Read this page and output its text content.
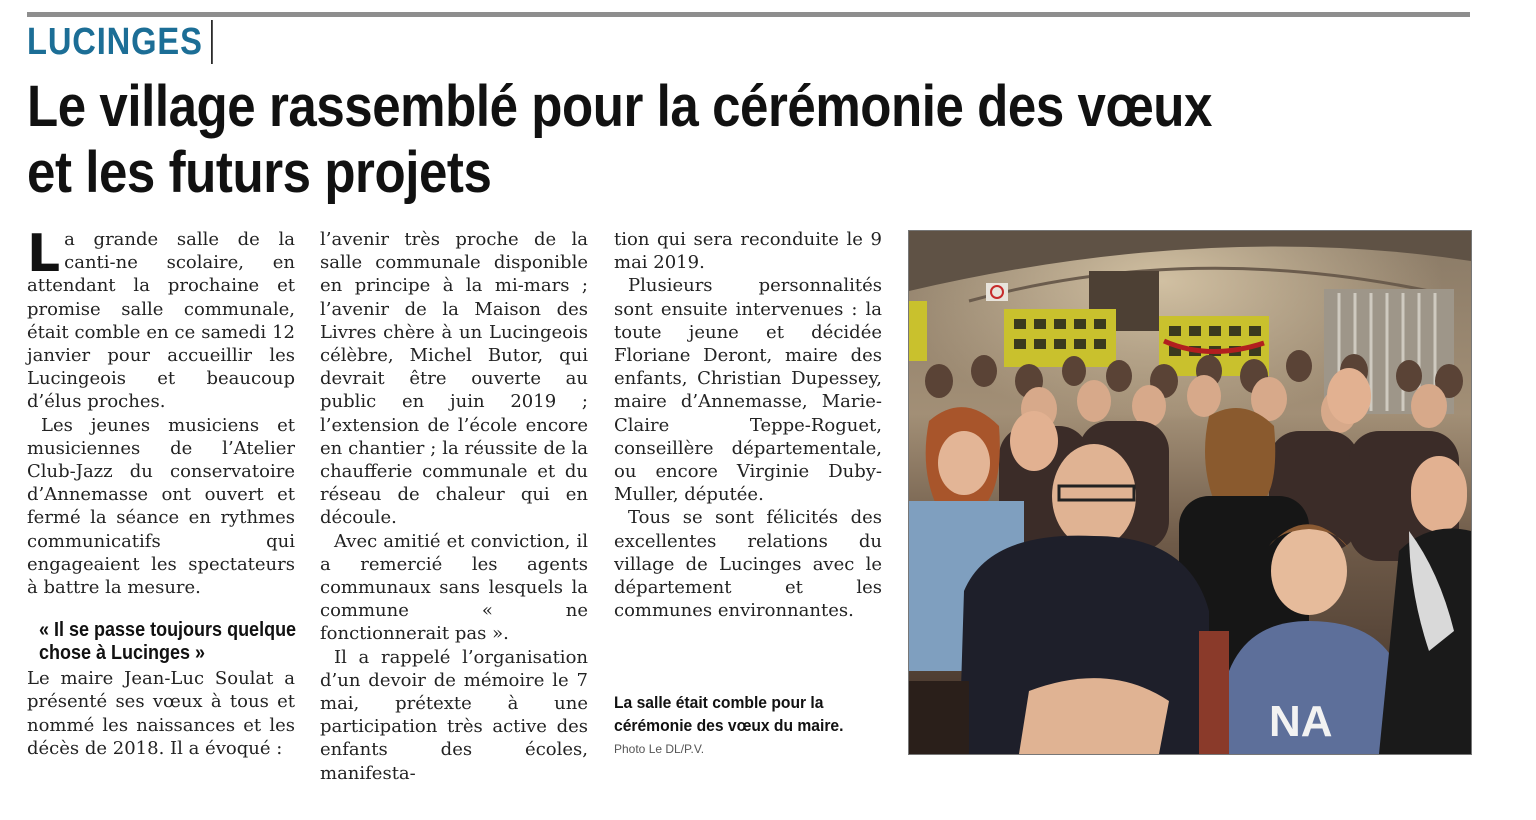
LUCINGES
Le village rassemblé pour la cérémonie des vœux
et les futurs projets

La grande salle de la canti-ne scolaire, en attendant la prochaine et promise salle communale, était comble en ce samedi 12 janvier pour accueillir les Lucingeois et beaucoup d’élus proches.

Les jeunes musiciens et musiciennes de l’Atelier Club-Jazz du conservatoire d’Annemasse ont ouvert et fermé la séance en rythmes communicatifs qui engageaient les spectateurs à battre la mesure.

« Il se passe toujours quelque chose à Lucinges »

Le maire Jean-Luc Soulat a présenté ses vœux à tous et nommé les naissances et les décès de 2018. Il a évoqué :

l’avenir très proche de la salle communale disponible en principe à la mi-mars ; l’avenir de la Maison des Livres chère à un Lucingeois célèbre, Michel Butor, qui devrait être ouverte au public en juin 2019 ; l’extension de l’école encore en chantier ; la réussite de la chaufferie communale et du réseau de chaleur qui en découle.

Avec amitié et conviction, il a remercié les agents communaux sans lesquels la commune « ne fonctionnerait pas ».

Il a rappelé l’organisation d’un devoir de mémoire le 7 mai, prétexte à une participation très active des enfants des écoles, manifesta-

tion qui sera reconduite le 9 mai 2019.

Plusieurs personnalités sont ensuite intervenues : la toute jeune et décidée Floriane Deront, maire des enfants, Christian Dupessey, maire d’Annemasse, Marie-Claire Teppe-Roguet, conseillère départementale, ou encore Virginie Duby-Muller, députée.

Tous se sont félicités des excellentes relations du village de Lucinges avec le département et les communes environnantes.

NA
La salle était comble pour la cérémonie des vœux du maire.
Photo Le DL/P.V.
